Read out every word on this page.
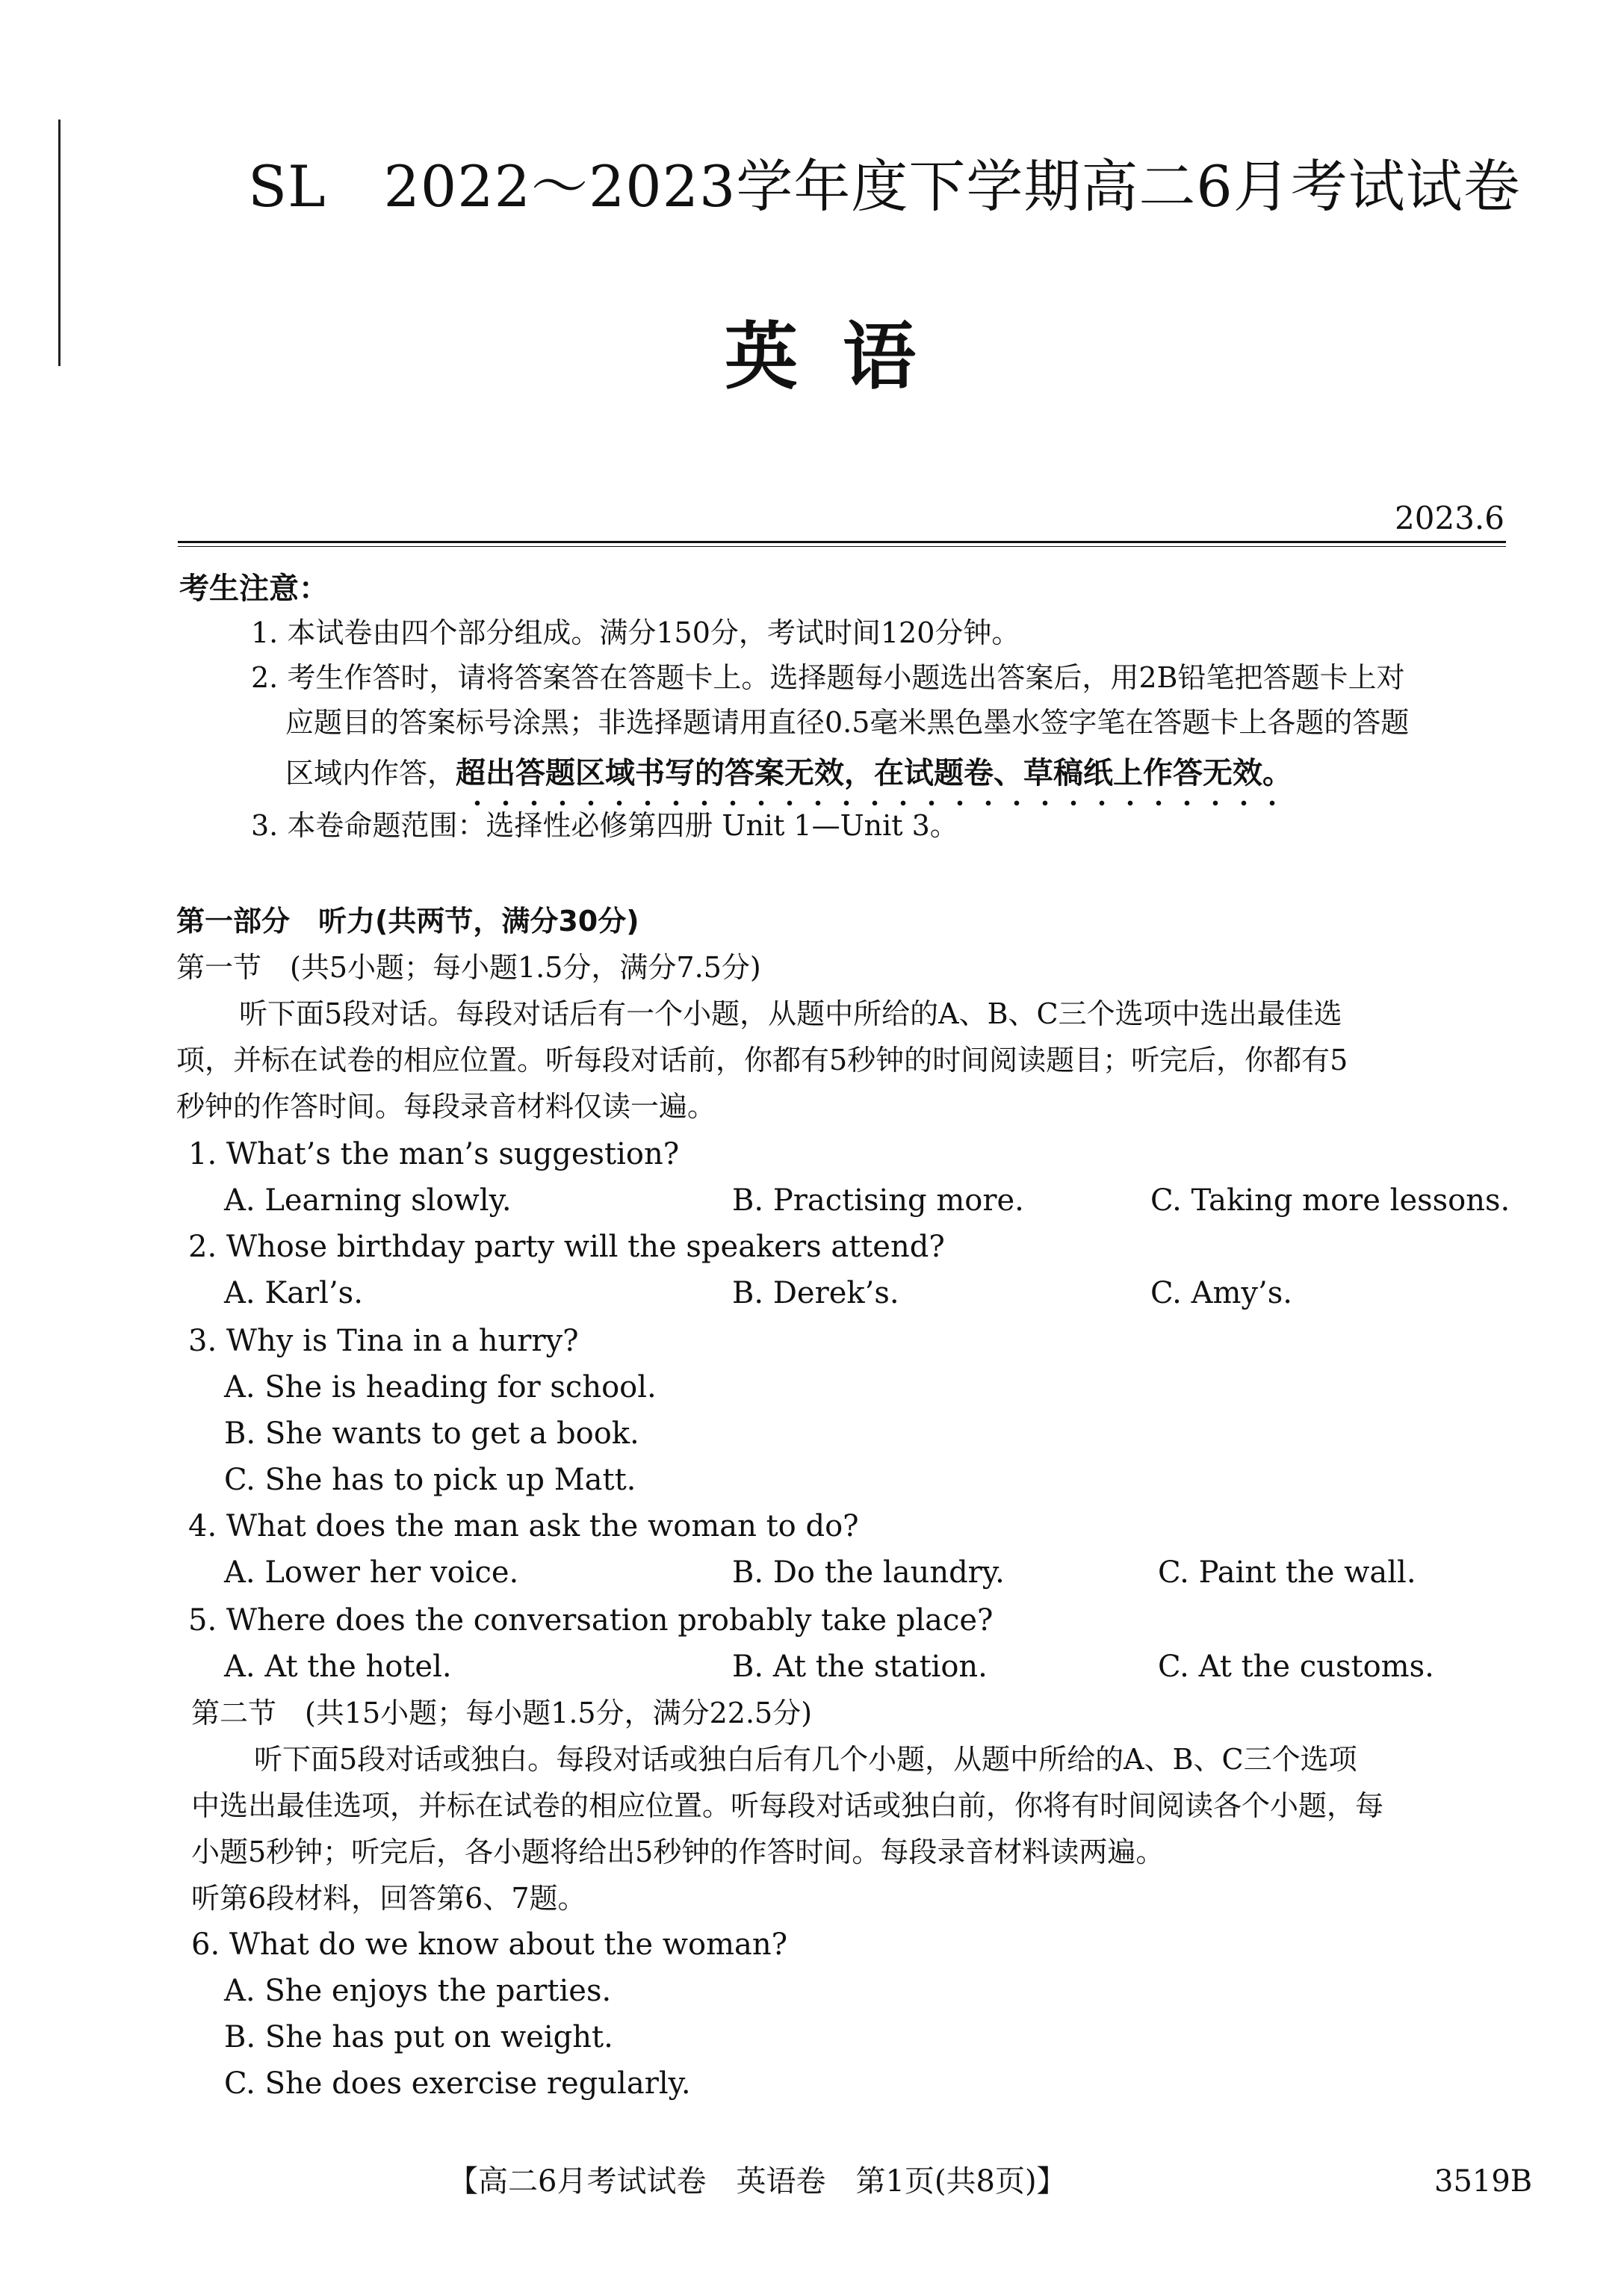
SL　2022～2023学年度下学期高二6月考试试卷
英语
2023.6
考生注意：
1. 本试卷由四个部分组成。满分150分，考试时间120分钟。
2. 考生作答时，请将答案答在答题卡上。选择题每小题选出答案后，用2B铅笔把答题卡上对
应题目的答案标号涂黑；非选择题请用直径0.5毫米黑色墨水签字笔在答题卡上各题的答题
区域内作答，超出答题区域书写的答案无效，在试题卷、草稿纸上作答无效。
3. 本卷命题范围：选择性必修第四册 Unit 1—Unit 3。
第一部分　听力(共两节，满分30分)
第一节　(共5小题；每小题1.5分，满分7.5分)
听下面5段对话。每段对话后有一个小题，从题中所给的A、B、C三个选项中选出最佳选
项，并标在试卷的相应位置。听每段对话前，你都有5秒钟的时间阅读题目；听完后，你都有5
秒钟的作答时间。每段录音材料仅读一遍。
1. What’s the man’s suggestion?
A. Learning slowly.	B. Practising more.	C. Taking more lessons.
2. Whose birthday party will the speakers attend?
A. Karl’s.	B. Derek’s.	C. Amy’s.
3. Why is Tina in a hurry?
A. She is heading for school.
B. She wants to get a book.
C. She has to pick up Matt.
4. What does the man ask the woman to do?
A. Lower her voice.	B. Do the laundry.	C. Paint the wall.
5. Where does the conversation probably take place?
A. At the hotel.	B. At the station.	C. At the customs.
第二节　(共15小题；每小题1.5分，满分22.5分)
听下面5段对话或独白。每段对话或独白后有几个小题，从题中所给的A、B、C三个选项
中选出最佳选项，并标在试卷的相应位置。听每段对话或独白前，你将有时间阅读各个小题，每
小题5秒钟；听完后，各小题将给出5秒钟的作答时间。每段录音材料读两遍。
听第6段材料，回答第6、7题。
6. What do we know about the woman?
A. She enjoys the parties.
B. She has put on weight.
C. She does exercise regularly.
【高二6月考试试卷　英语卷　第1页(共8页)】	3519B
